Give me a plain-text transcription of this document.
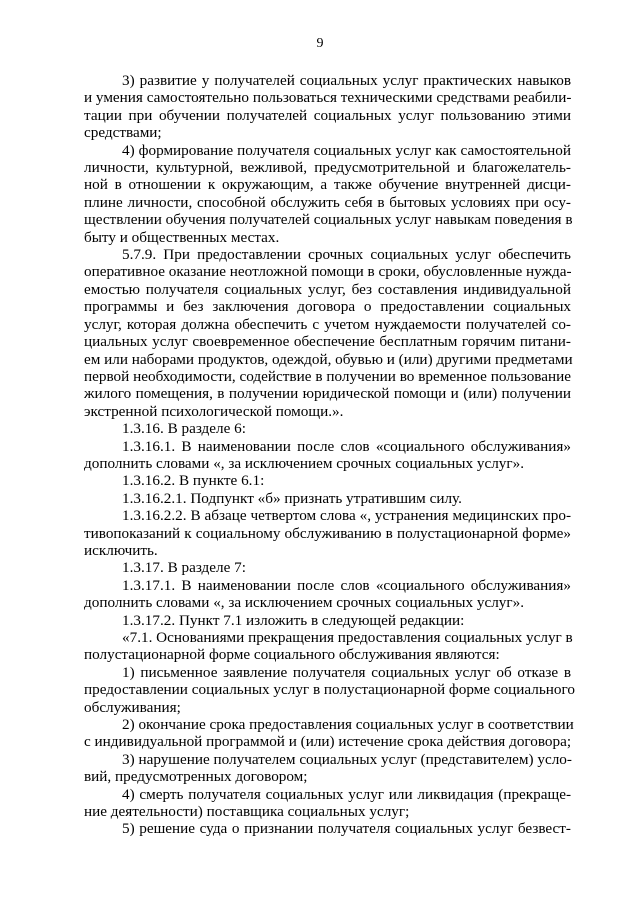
9
3) развитие у получателей социальных услуг практических навыков
и умения самостоятельно пользоваться техническими средствами реабили-
тации при обучении получателей социальных услуг пользованию этими
средствами;
4) формирование получателя социальных услуг как самостоятельной
личности, культурной, вежливой, предусмотрительной и благожелатель-
ной в отношении к окружающим, а также обучение внутренней дисци-
плине личности, способной обслужить себя в бытовых условиях при осу-
ществлении обучения получателей социальных услуг навыкам поведения в
быту и общественных местах.
5.7.9. При предоставлении срочных социальных услуг обеспечить
оперативное оказание неотложной помощи в сроки, обусловленные нужда-
емостью получателя социальных услуг, без составления индивидуальной
программы и без заключения договора о предоставлении социальных
услуг, которая должна обеспечить с учетом нуждаемости получателей со-
циальных услуг своевременное обеспечение бесплатным горячим питани-
ем или наборами продуктов, одеждой, обувью и (или) другими предметами
первой необходимости, содействие в получении во временное пользование
жилого помещения, в получении юридической помощи и (или) получении
экстренной психологической помощи.».
1.3.16. В разделе 6:
1.3.16.1. В наименовании после слов «социального обслуживания»
дополнить словами «, за исключением срочных социальных услуг».
1.3.16.2. В пункте 6.1:
1.3.16.2.1. Подпункт «б» признать утратившим силу.
1.3.16.2.2. В абзаце четвертом слова «, устранения медицинских про-
тивопоказаний к социальному обслуживанию в полустационарной форме»
исключить.
1.3.17. В разделе 7:
1.3.17.1. В наименовании после слов «социального обслуживания»
дополнить словами «, за исключением срочных социальных услуг».
1.3.17.2. Пункт 7.1 изложить в следующей редакции:
«7.1. Основаниями прекращения предоставления социальных услуг в
полустационарной форме социального обслуживания являются:
1) письменное заявление получателя социальных услуг об отказе в
предоставлении социальных услуг в полустационарной форме социального
обслуживания;
2) окончание срока предоставления социальных услуг в соответствии
с индивидуальной программой и (или) истечение срока действия договора;
3) нарушение получателем социальных услуг (представителем) усло-
вий, предусмотренных договором;
4) смерть получателя социальных услуг или ликвидация (прекраще-
ние деятельности) поставщика социальных услуг;
5) решение суда о признании получателя социальных услуг безвест-
